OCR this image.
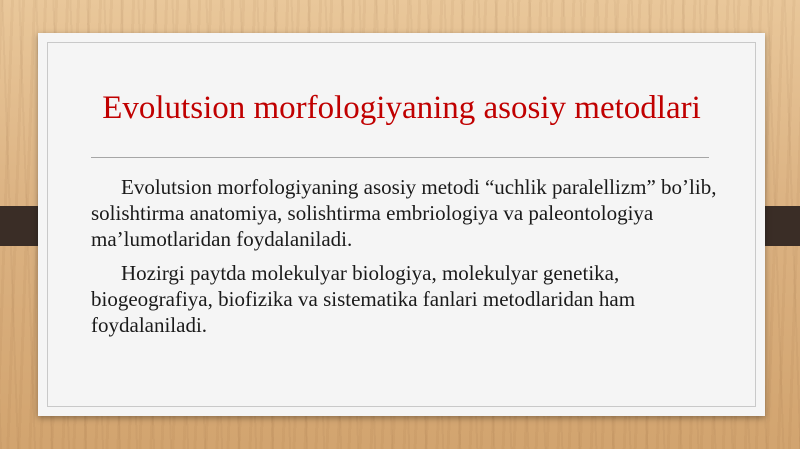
Evolutsion morfologiyaning asosiy metodlari

Evolutsion morfologiyaning asosiy metodi “uchlik paralellizm” bo’lib, solishtirma anatomiya, solishtirma embriologiya va paleontologiya ma’lumotlaridan foydalaniladi.

Hozirgi paytda molekulyar biologiya, molekulyar genetika, biogeografiya, biofizika va sistematika fanlari metodlaridan ham foydalaniladi.
